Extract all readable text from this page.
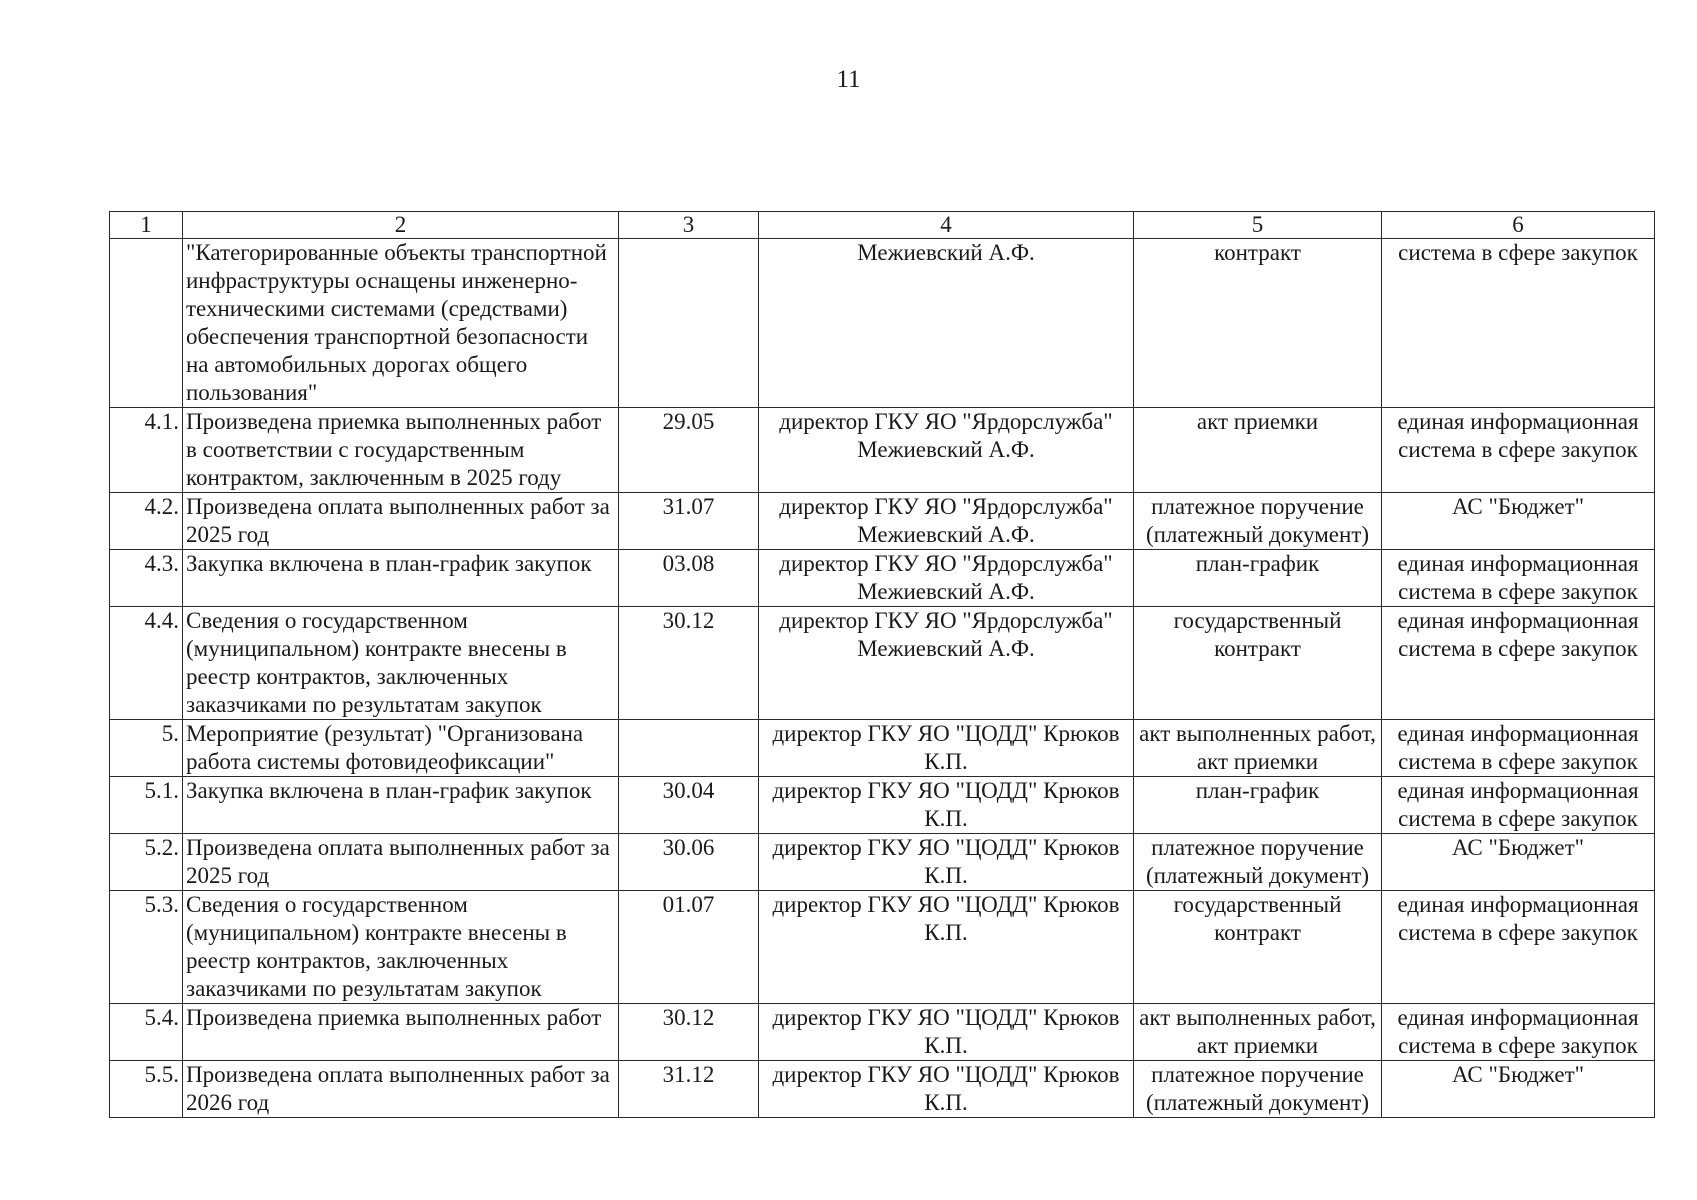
11
1	2	3	4	5	6
	"Категорированные объекты транспортной инфраструктуры оснащены инженерно-техническими системами (средствами) обеспечения транспортной безопасности на автомобильных дорогах общего пользования"		Межиевский А.Ф.	контракт	система в сфере закупок
4.1.	Произведена приемка выполненных работ в соответствии с государственным контрактом, заключенным в 2025 году	29.05	директор ГКУ ЯО "Ярдорслужба" Межиевский А.Ф.	акт приемки	единая информационная система в сфере закупок
4.2.	Произведена оплата выполненных работ за 2025 год	31.07	директор ГКУ ЯО "Ярдорслужба" Межиевский А.Ф.	платежное поручение (платежный документ)	АС "Бюджет"
4.3.	Закупка включена в план-график закупок	03.08	директор ГКУ ЯО "Ярдорслужба" Межиевский А.Ф.	план-график	единая информационная система в сфере закупок
4.4.	Сведения о государственном (муниципальном) контракте внесены в реестр контрактов, заключенных заказчиками по результатам закупок	30.12	директор ГКУ ЯО "Ярдорслужба" Межиевский А.Ф.	государственный контракт	единая информационная система в сфере закупок
5.	Мероприятие (результат) "Организована работа системы фотовидеофиксации"		директор ГКУ ЯО "ЦОДД" Крюков К.П.	акт выполненных работ, акт приемки	единая информационная система в сфере закупок
5.1.	Закупка включена в план-график закупок	30.04	директор ГКУ ЯО "ЦОДД" Крюков К.П.	план-график	единая информационная система в сфере закупок
5.2.	Произведена оплата выполненных работ за 2025 год	30.06	директор ГКУ ЯО "ЦОДД" Крюков К.П.	платежное поручение (платежный документ)	АС "Бюджет"
5.3.	Сведения о государственном (муниципальном) контракте внесены в реестр контрактов, заключенных заказчиками по результатам закупок	01.07	директор ГКУ ЯО "ЦОДД" Крюков К.П.	государственный контракт	единая информационная система в сфере закупок
5.4.	Произведена приемка выполненных работ	30.12	директор ГКУ ЯО "ЦОДД" Крюков К.П.	акт выполненных работ, акт приемки	единая информационная система в сфере закупок
5.5.	Произведена оплата выполненных работ за 2026 год	31.12	директор ГКУ ЯО "ЦОДД" Крюков К.П.	платежное поручение (платежный документ)	АС "Бюджет"
